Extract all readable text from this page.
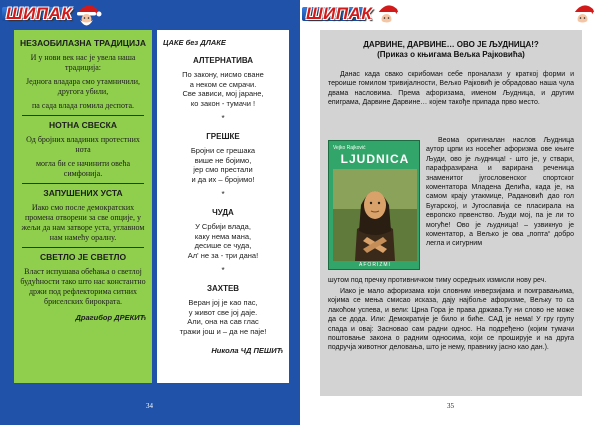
ШИПАК
НЕЗАОБИЛАЗНА ТРАДИЦИЈА
И у нови век нас је увела наша традиција:
Једнога владара смо утамничили, другога убили,
па сада влада гомила деспота.
НОТНА СВЕСКА
Од бројних владиних протестних нота
могла би се начинити овећа симфонија.
ЗАПУШЕНИХ УСТА
Иако смо после демократских промена отворени за све опције, у жељи да нам затворе уста, углавном нам намећу оралну.
СВЕТЛО ЈЕ СВЕТЛО
Власт испушава обећања о светлој будућности тако што нас константно држи под рефлекторима ситних бриселских бирократа.
Драгибор ДРЕКИЋ
ЦАКЕ без ДЛАКЕ
АЛТЕРНАТИВА
По закону, нисмо сване
а неком се смрачи.
Све зависи, мој јаране,
ко закон - тумачи !
*
ГРЕШКЕ
Бројни се грешака
више не бојимо,
јер смо престали
и да их – бројимо!
*
ЧУДА
У Србији влада,
каку нема мана,
десише се чуда,
Ал' не за - три дана!
*
ЗАХТЕВ
Веран јој је као пас,
у живот све јој даје.
Али, она на сав глас
тражи још и – да не паје!
Никола ЧД ПЕШИЋ
34
ШИПАК
ДАРВИНЕ, ДАРВИНЕ… ОВО ЈЕ ЉУДНИЦА!?
(Приказ о књигама Вељка Рајковића)
Данас када свако скрибоман себе проналази у краткој форми и тероише гомилом тривијалности, Вељко Рајковић је обрадовао наша чула двама насловима. Према афоризама, именом Људница, и другим епиграма, Дарвине Дарвине… којем такође припада прво место.
Vejko Rajković
LJUDNICA
AFORIZMI
Веома оригиналан наслов Људница аутор црпи из носећег афоризма ове књиге Људи, ово је људница! - што је, у ствари, парафразирана и варирана реченица знаменитог југословенског спортског коментатора Младена Делића, када је, на самом крају утакмице, Радановић дао гол Бугарској, и Југославија се пласирала на европско првенство. Људи мој, па је ли то могуће! Ово је људница! – узвикнуо је коментатор, а Вељко је ова „попта“ добро легла и сигурним
шутом под пречку противничком тиму осредњих измисли нову реч.
Иако је мало афоризама који словним инверзијама и поигравањима, којима се мења смисао исказа, дају најбоље афоризме, Вељку то са лакоћом успева, и вели: Црна Гора је права држава.Ту ни слово не може да се дода. Или: Демократије је било и биће. САД је нема! У гру групу спада и овај: Засноваo сам радни однос. На подређено (којим тумачи поштовање закона о радним односима, који се проширује и на друга подручја животног деловања, што је нему, правнику јасно као дан.).
35
